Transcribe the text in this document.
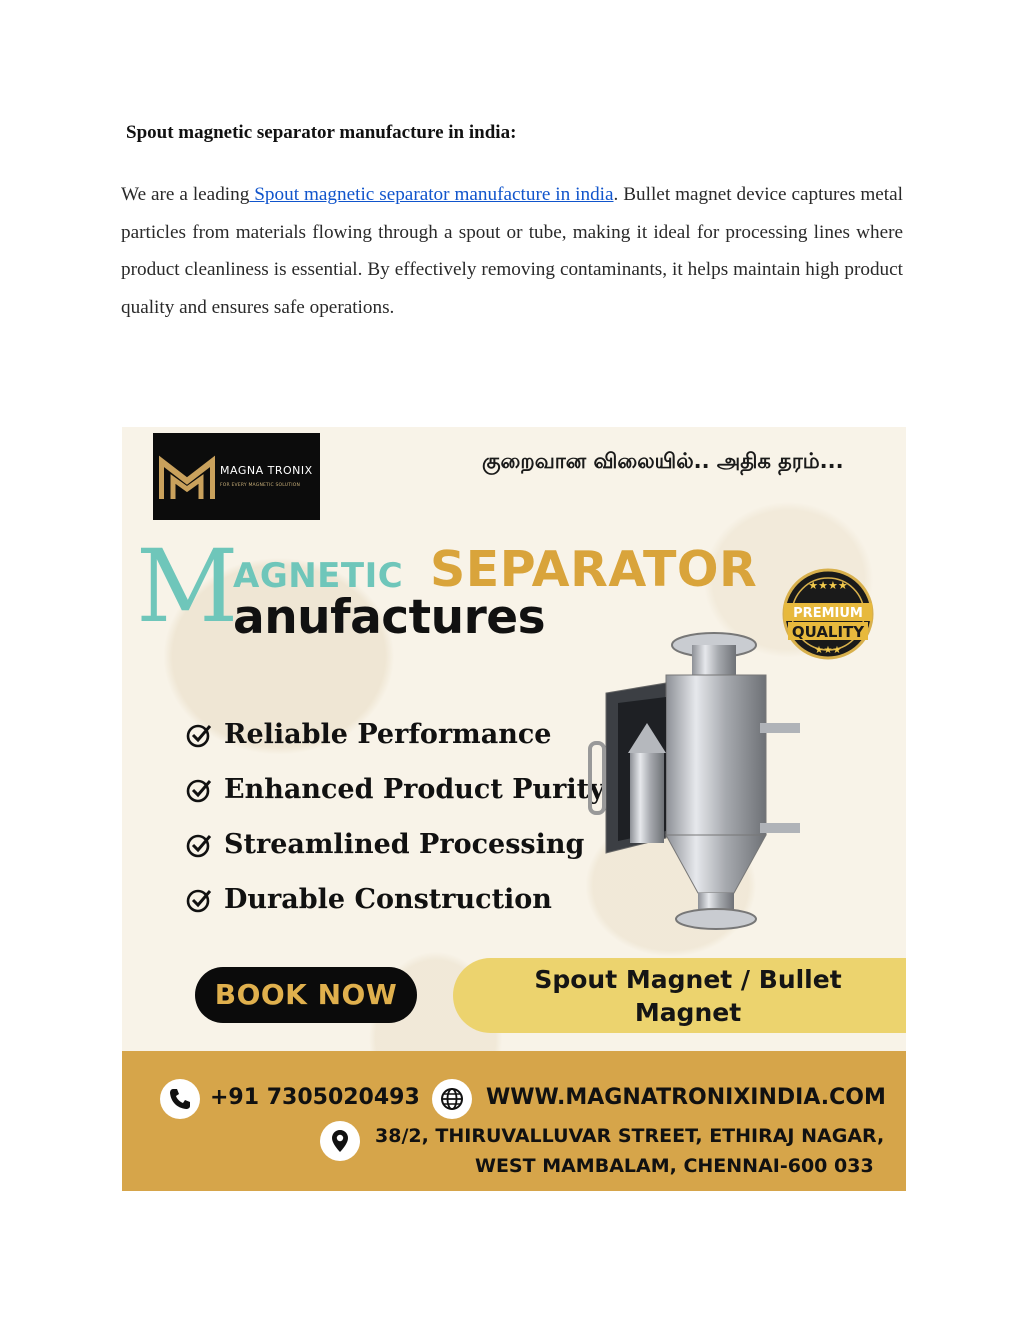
Spout magnetic separator manufacture in india:
We are a leading Spout magnetic separator manufacture in india. Bullet magnet device captures metal particles from materials flowing through a spout or tube, making it ideal for processing lines where product cleanliness is essential. By effectively removing contaminants, it helps maintain high product quality and ensures safe operations.
MAGNA TRONIX
FOR EVERY MAGNETIC SOLUTION
குறைவான விலையில்.. அதிக தரம்...
M
AGNETIC SEPARATOR
anufactures
★★★★
PREMIUM
QUALITY
★★★
Reliable Performance
Enhanced Product Purity
Streamlined Processing
Durable Construction
BOOK NOW	Spout Magnet / Bullet
Magnet
+91 7305020493	WWW.MAGNATRONIXINDIA.COM
38/2, THIRUVALLUVAR STREET, ETHIRAJ NAGAR,
WEST MAMBALAM, CHENNAI-600 033
